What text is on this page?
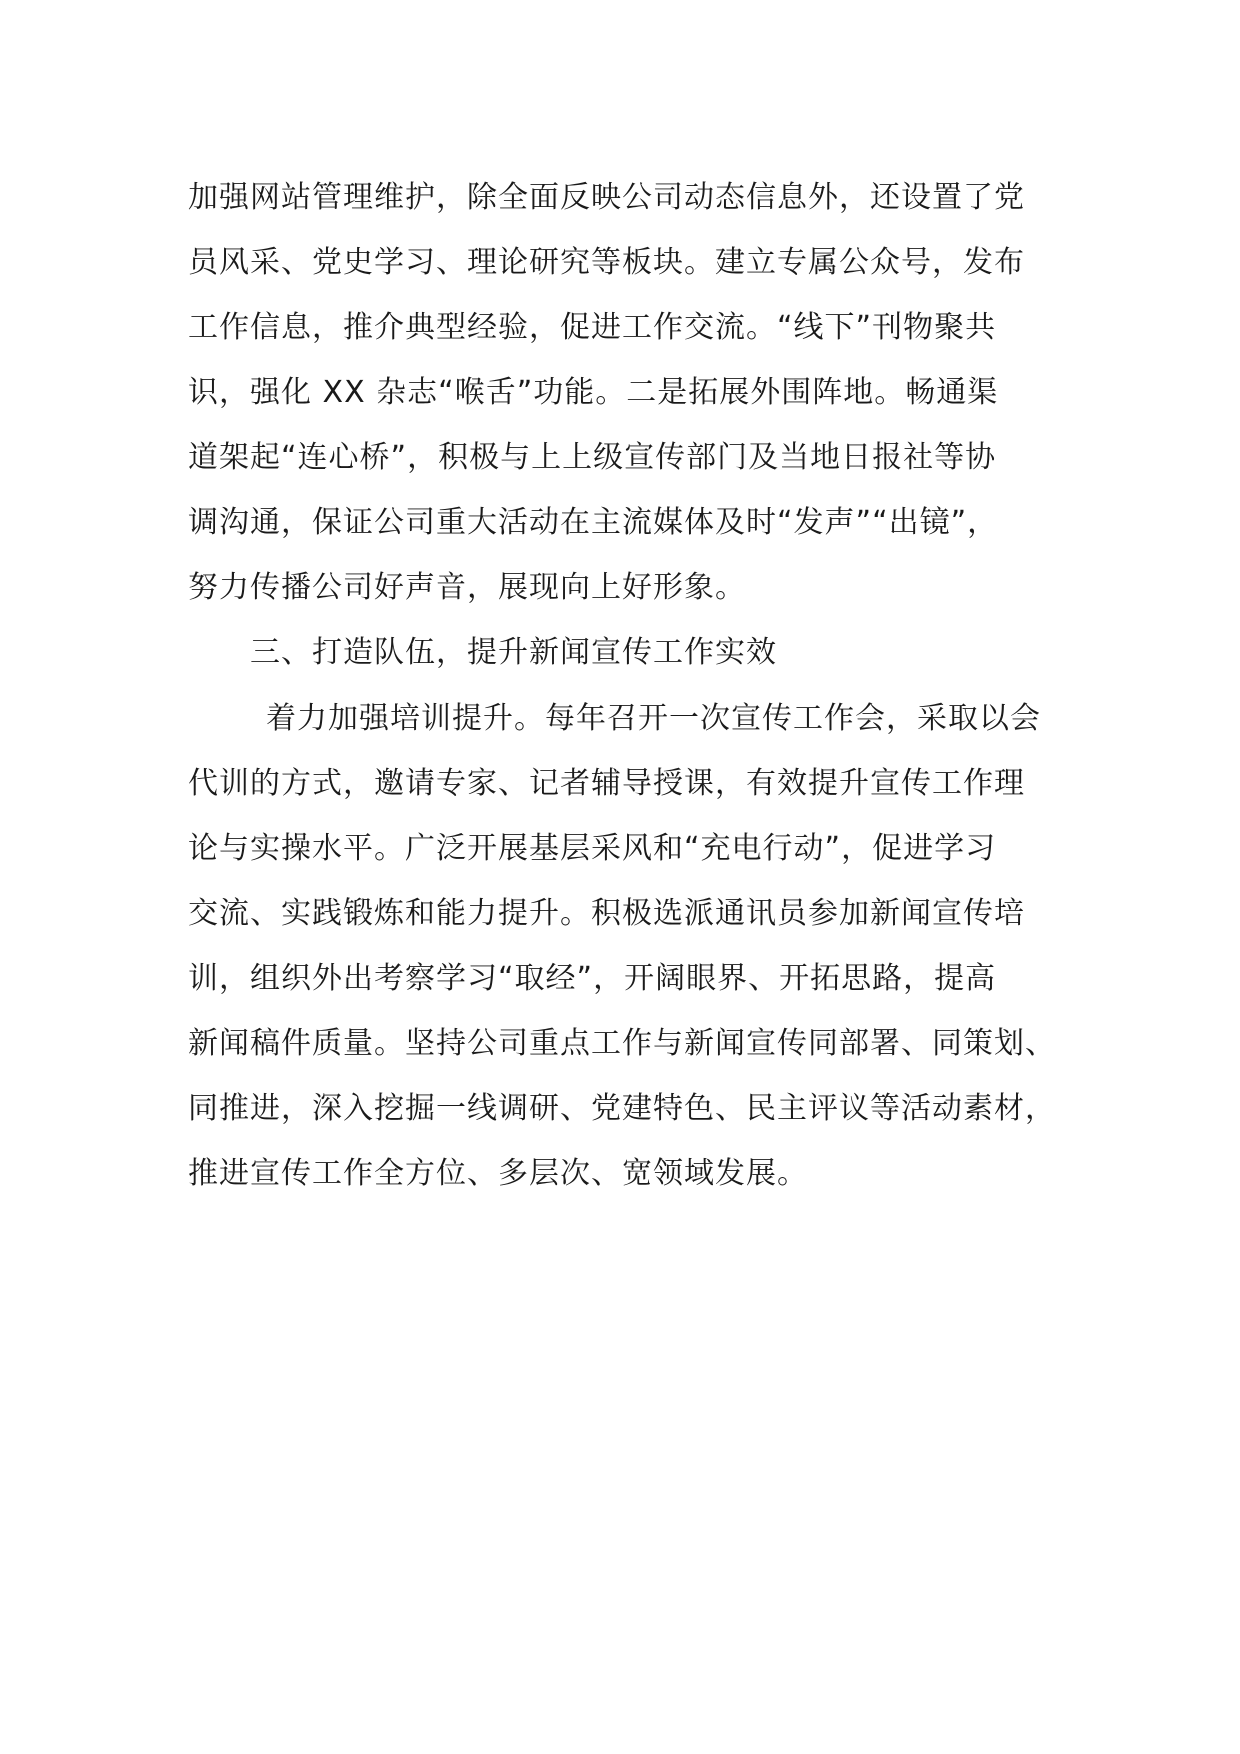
加强网站管理维护，除全面反映公司动态信息外，还设置了党
员风采、党史学习、理论研究等板块。建立专属公众号，发布
工作信息，推介典型经验，促进工作交流。“线下”刊物聚共
识，强化 XX 杂志“喉舌”功能。二是拓展外围阵地。畅通渠
道架起“连心桥”，积极与上上级宣传部门及当地日报社等协
调沟通，保证公司重大活动在主流媒体及时“发声”“出镜”，
努力传播公司好声音，展现向上好形象。
三、打造队伍，提升新闻宣传工作实效
着力加强培训提升。每年召开一次宣传工作会，采取以会
代训的方式，邀请专家、记者辅导授课，有效提升宣传工作理
论与实操水平。广泛开展基层采风和“充电行动”，促进学习
交流、实践锻炼和能力提升。积极选派通讯员参加新闻宣传培
训，组织外出考察学习“取经”，开阔眼界、开拓思路，提高
新闻稿件质量。坚持公司重点工作与新闻宣传同部署、同策划、
同推进，深入挖掘一线调研、党建特色、民主评议等活动素材，
推进宣传工作全方位、多层次、宽领域发展。
